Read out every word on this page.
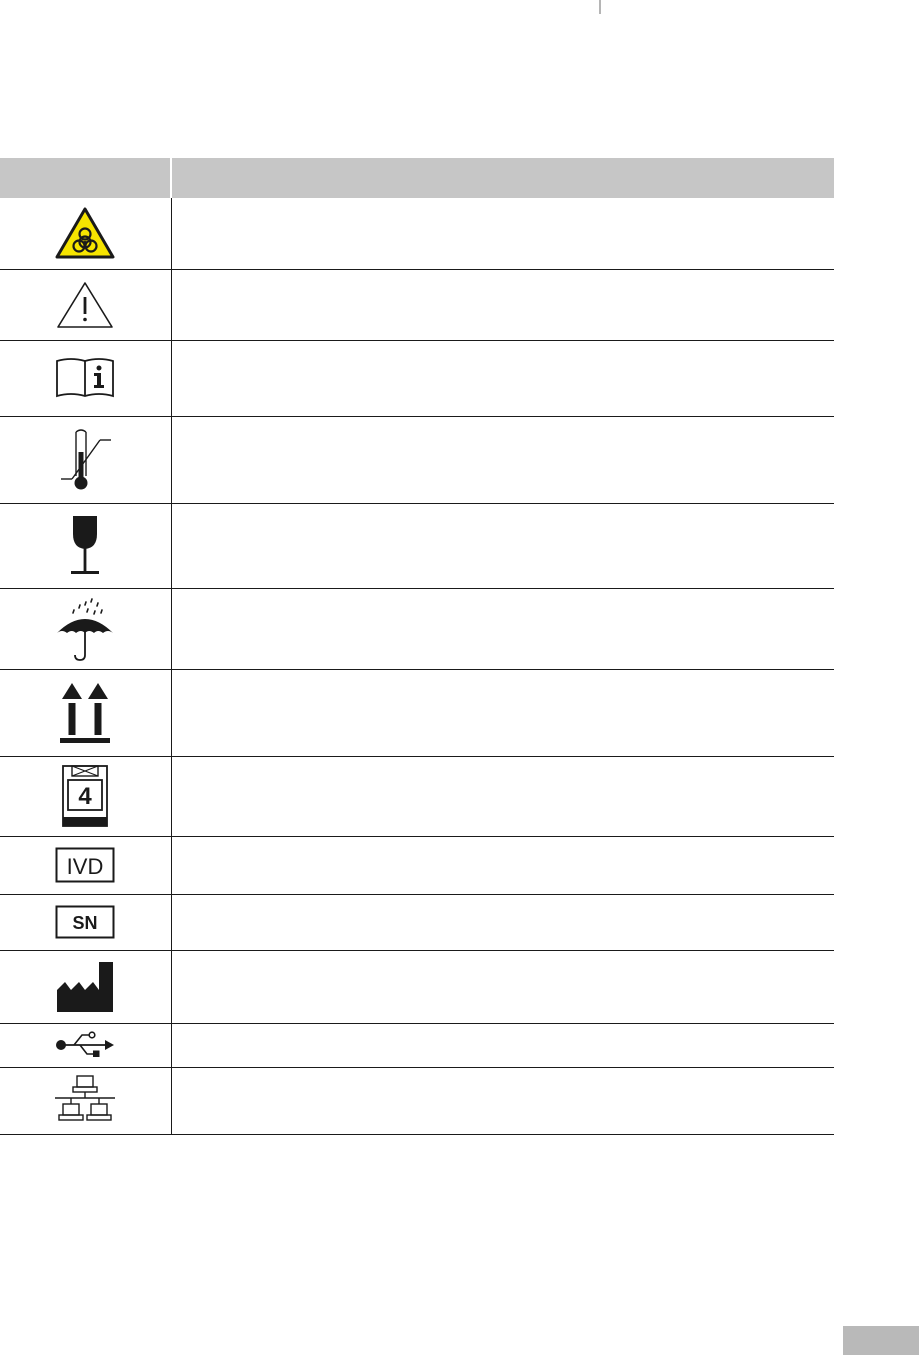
4	

IVD	

SN	
